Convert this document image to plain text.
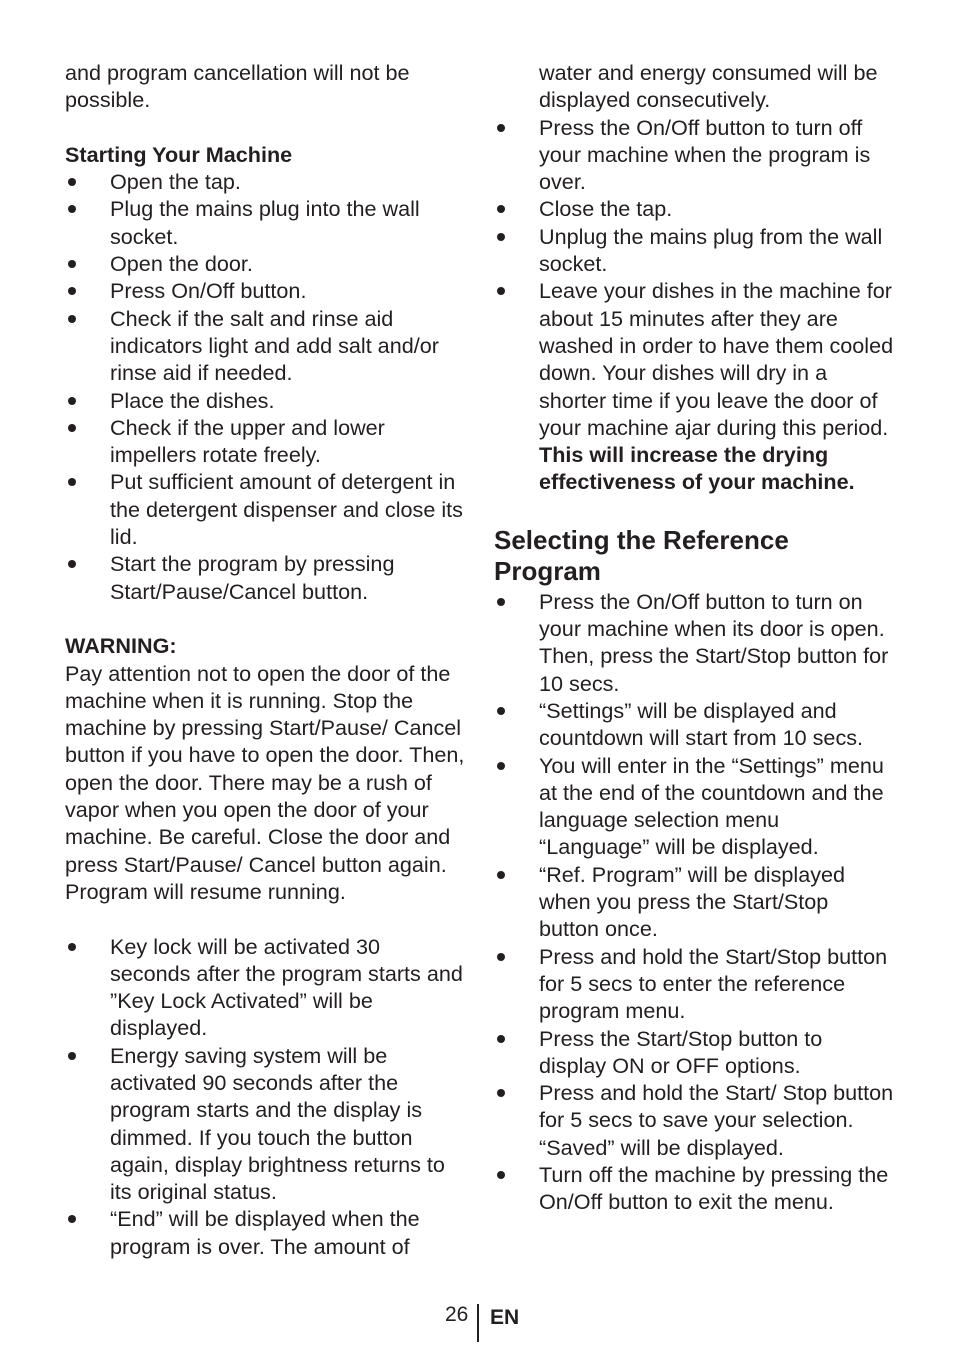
and program cancellation will not be possible.

Starting Your Machine

Open the tap.
Plug the mains plug into the wall socket.
Open the door.
Press On/Off button.
Check if the salt and rinse aid indicators light and add salt and/or rinse aid if needed.
Place the dishes.
Check if the upper and lower impellers rotate freely.
Put sufficient amount of detergent in the detergent dispenser and close its lid.
Start the program by pressing Start/Pause/Cancel button.

WARNING:

Pay attention not to open the door of the machine when it is running. Stop the machine by pressing Start/Pause/ Cancel button if you have to open the door. Then, open the door. There may be a rush of vapor when you open the door of your machine. Be careful. Close the door and press Start/Pause/ Cancel button again. Program will resume running.

Key lock will be activated 30 seconds after the program starts and ”Key Lock Activated” will be displayed.
Energy saving system will be activated 90 seconds after the program starts and the display is dimmed. If you touch the button again, display brightness returns to its original status.
“End” will be displayed when the program is over. The amount of

water and energy consumed will be displayed consecutively.

Press the On/Off button to turn off your machine when the program is over.
Close the tap.
Unplug the mains plug from the wall socket.
Leave your dishes in the machine for about 15 minutes after they are washed in order to have them cooled down. Your dishes will dry in a shorter time if you leave the door of your machine ajar during this period. This will increase the drying effectiveness of your machine.
Selecting the Reference Program
Press the On/Off button to turn on your machine when its door is open. Then, press the Start/Stop button for 10 secs.
“Settings” will be displayed and countdown will start from 10 secs.
You will enter in the “Settings” menu at the end of the countdown and the language selection menu “Language” will be displayed.
“Ref. Program” will be displayed when you press the Start/Stop button once.
Press and hold the Start/Stop button for 5 secs to enter the reference program menu.
Press the Start/Stop button to display ON or OFF options.
Press and hold the Start/ Stop button for 5 secs to save your selection. “Saved” will be displayed.
Turn off the machine by pressing the On/Off button to exit the menu.
26 EN
